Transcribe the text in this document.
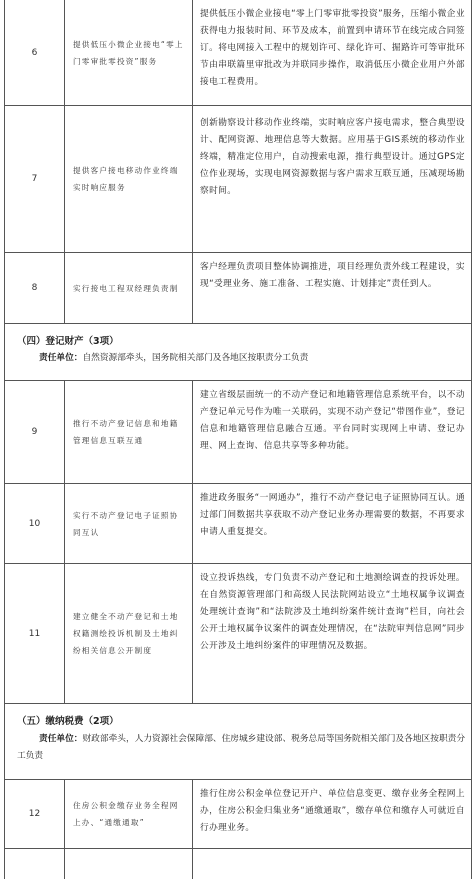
6
提供低压小微企业接电“零上门零审批零投资”服务
提供低压小微企业接电“零上门零审批零投资”服务，压缩小微企业获得电力报装时间、环节及成本，前置到申请环节在线完成合同签订。将电网接入工程中的规划许可、绿化许可、掘路许可等审批环节由串联篇里审批改为并联同步操作，取消低压小微企业用户外部接电工程费用。
7
提供客户接电移动作业终端实时响应服务
创新勘察设计移动作业终端，实时响应客户接电需求，整合典型设计、配网资源、地理信息等大数据。应用基于GIS系统的移动作业终端，精准定位用户，自动搜索电源，推行典型设计。通过GPS定位作业现场，实现电网资源数据与客户需求互联互通，压减现场勘察时间。
8	实行接电工程双经理负责制
客户经理负责项目整体协调推进，项目经理负责外线工程建设，实现“受理业务、施工准备、工程实施、计划排定”责任到人。
（四）登记财产（3项）
责任单位：自然资源部牵头，国务院相关部门及各地区按职责分工负责
9
推行不动产登记信息和地籍管理信息互联互通
建立省级层面统一的不动产登记和地籍管理信息系统平台，以不动产登记单元号作为唯一关联码，实现不动产登记“带图作业”，登记信息和地籍管理信息融合互通。平台同时实现网上申请、登记办理、网上查询、信息共享等多种功能。
10
实行不动产登记电子证照协同互认
推进政务服务“一网通办”，推行不动产登记电子证照协同互认。通过部门间数据共享获取不动产登记业务办理需要的数据，不再要求申请人重复提交。
11
建立健全不动产登记和土地权籍测绘投诉机制及土地纠纷相关信息公开制度
设立投诉热线，专门负责不动产登记和土地测绘调查的投诉处理。在自然资源管理部门和高级人民法院网站设立“土地权属争议调查处理统计查询”和“法院涉及土地纠纷案件统计查询”栏目，向社会公开土地权属争议案件的调查处理情况，在“法院审判信息网”同步公开涉及土地纠纷案件的审理情况及数据。
（五）缴纳税费（2项）
责任单位：财政部牵头，人力资源社会保障部、住房城乡建设部、税务总局等国务院相关部门及各地区按职责分工负责
12
住房公积金缴存业务全程网上办、“通缴通取”
推行住房公积金单位登记开户、单位信息变更、缴存业务全程网上办，住房公积金归集业务“通缴通取”，缴存单位和缴存人可就近自行办理业务。
